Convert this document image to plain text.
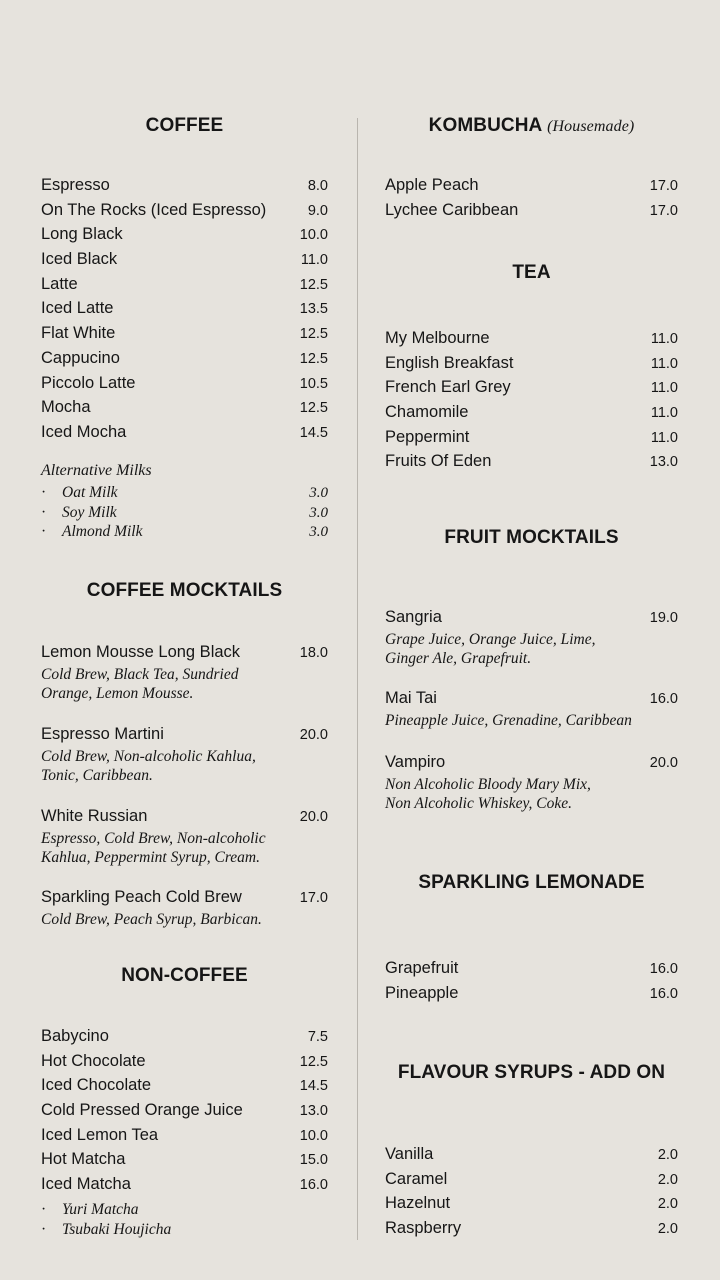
COFFEE
Espresso	8.0
On The Rocks (Iced Espresso)	9.0
Long Black	10.0
Iced Black	11.0
Latte	12.5
Iced Latte	13.5
Flat White	12.5
Cappucino	12.5
Piccolo Latte	10.5
Mocha	12.5
Iced Mocha	14.5
Alternative Milks
·	Oat Milk	3.0
·	Soy Milk	3.0
·	Almond Milk	3.0
COFFEE MOCKTAILS
Lemon Mousse Long Black	18.0
Cold Brew, Black Tea, Sundried
Orange, Lemon Mousse.
Espresso Martini	20.0
Cold Brew, Non-alcoholic Kahlua,
Tonic, Caribbean.
White Russian	20.0
Espresso, Cold Brew, Non-alcoholic
Kahlua, Peppermint Syrup, Cream.
Sparkling Peach Cold Brew	17.0
Cold Brew, Peach Syrup, Barbican.
NON-COFFEE
Babycino	7.5
Hot Chocolate	12.5
Iced Chocolate	14.5
Cold Pressed Orange Juice	13.0
Iced Lemon Tea	10.0
Hot Matcha	15.0
Iced Matcha	16.0
·	Yuri Matcha
·	Tsubaki Houjicha
KOMBUCHA (Housemade)
Apple Peach	17.0
Lychee Caribbean	17.0
TEA
My Melbourne	11.0
English Breakfast	11.0
French Earl Grey	11.0
Chamomile	11.0
Peppermint	11.0
Fruits Of Eden	13.0
FRUIT MOCKTAILS
Sangria	19.0
Grape Juice, Orange Juice, Lime,
Ginger Ale, Grapefruit.
Mai Tai	16.0
Pineapple Juice, Grenadine, Caribbean
Vampiro	20.0
Non Alcoholic Bloody Mary Mix,
Non Alcoholic Whiskey, Coke.
SPARKLING LEMONADE
Grapefruit	16.0
Pineapple	16.0
FLAVOUR SYRUPS - ADD ON
Vanilla	2.0
Caramel	2.0
Hazelnut	2.0
Raspberry	2.0
